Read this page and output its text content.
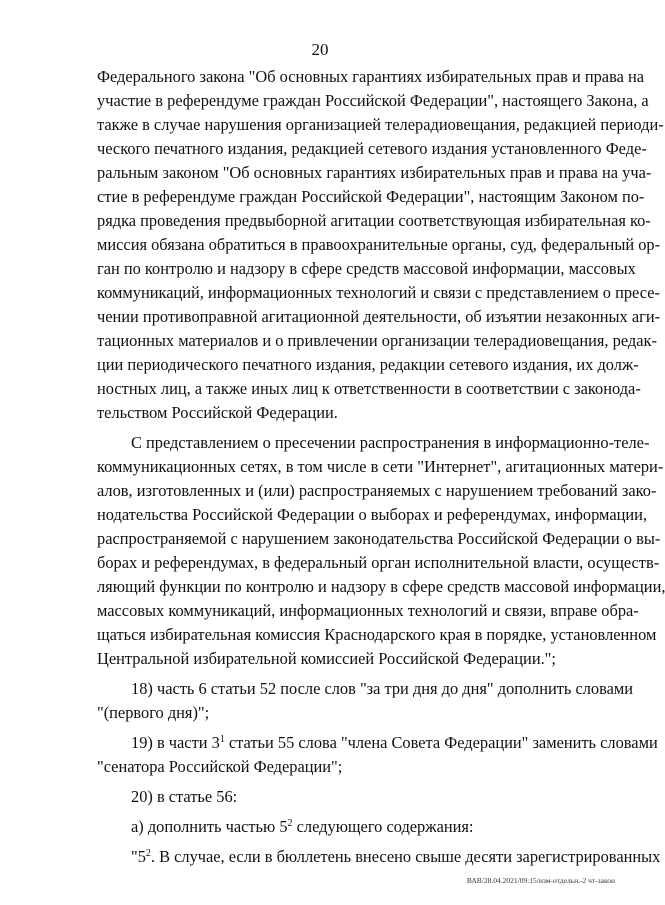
20
Федерального закона "Об основных гарантиях избирательных прав и права на
участие в референдуме граждан Российской Федерации", настоящего Закона, а
также в случае нарушения организацией телерадиовещания, редакцией периоди-
ческого печатного издания, редакцией сетевого издания установленного Феде-
ральным законом "Об основных гарантиях избирательных прав и права на уча-
стие в референдуме граждан Российской Федерации", настоящим Законом по-
рядка проведения предвыборной агитации соответствующая избирательная ко-
миссия обязана обратиться в правоохранительные органы, суд, федеральный ор-
ган по контролю и надзору в сфере средств массовой информации, массовых
коммуникаций, информационных технологий и связи с представлением о пресе-
чении противоправной агитационной деятельности, об изъятии незаконных аги-
тационных материалов и о привлечении организации телерадиовещания, редак-
ции периодического печатного издания, редакции сетевого издания, их долж-
ностных лиц, а также иных лиц к ответственности в соответствии с законода-
тельством Российской Федерации.
С представлением о пресечении распространения в информационно-теле-
коммуникационных сетях, в том числе в сети "Интернет", агитационных матери-
алов, изготовленных и (или) распространяемых с нарушением требований зако-
нодательства Российской Федерации о выборах и референдумах, информации,
распространяемой с нарушением законодательства Российской Федерации о вы-
борах и референдумах, в федеральный орган исполнительной власти, осуществ-
ляющий функции по контролю и надзору в сфере средств массовой информации,
массовых коммуникаций, информационных технологий и связи, вправе обра-
щаться избирательная комиссия Краснодарского края в порядке, установленном
Центральной избирательной комиссией Российской Федерации.";
18) часть 6 статьи 52 после слов "за три дня до дня" дополнить словами
"(первого дня)";
19) в части $3^1$ статьи 55 слова "члена Совета Федерации" заменить словами
"сенатора Российской Федерации";
20) в статье 56:
а) дополнить частью $5^2$ следующего содержания:
"$5^2$. В случае, если в бюллетень внесено свыше десяти зарегистрированных
ВАВ/28.04.2021/09:15/изм-отдельн.-2 чт-закон
